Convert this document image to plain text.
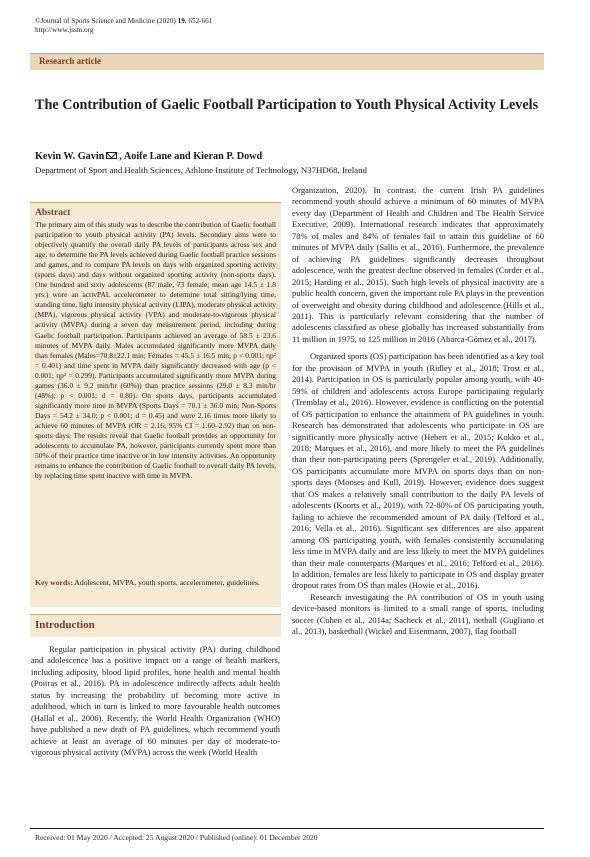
©Journal of Sports Science and Medicine (2020) 19, 652-661
http://www.jssm.org
Research article
The Contribution of Gaelic Football Participation to Youth Physical Activity Levels
Kevin W. Gavin , Aoife Lane and Kieran P. Dowd
Department of Sport and Health Sciences, Athlone Institute of Technology, N37HD68, Ireland
Abstract
The primary aim of this study was to describe the contribution of Gaelic football participation to youth physical activity (PA) levels. Secondary aims were to objectively quantify the overall daily PA levels of participants across sex and age, to determine the PA levels achieved during Gaelic football practice sessions and games, and to compare PA levels on days with organized sporting activity (sports days) and days without organized sporting activity (non-sports days). One hundred and sixty adolescents (87 male, 73 female; mean age 14.5 ± 1.8 yrs.) wore an activPAL accelerometer to determine total sitting/lying time, standing time, light intensity physical activity (LIPA), moderate physical activity (MPA), vigorous physical activity (VPA) and moderate-to-vigorous physical activity (MVPA) during a seven day measurement period, including during Gaelic football participation. Participants achieved an average of 58.5 ± 23.6 minutes of MVPA daily. Males accumulated significantly more MVPA daily than females (Males=70.8±22.1 min; Females = 45.5 ± 16.5 min; p < 0.001; ηp² = 0.401) and time spent in MVPA daily significantly decreased with age (p < 0.001; ηp² = 0.299). Participants accumulated significantly more MVPA during games (36.0 ± 9.2 min/hr (60%)) than practice sessions (29.0 ± 8.3 min/hr (48%); p < 0.001; d = 0.80). On sports days, participants accumulated significantly more time in MVPA (Sports Days = 70.1 ± 36.0 min; Non-Sports Days = 54.2 ± 34.0; p < 0.001; d = 0.45) and were 2.16 times more likely to achieve 60 minutes of MVPA (OR = 2.16; 95% CI = 1.60–2.92) than on non-sports days. The results reveal that Gaelic football provides an opportunity for adolescents to accumulate PA, however, participants currently spent more than 50% of their practice time inactive or in low intensity activities. An opportunity remains to enhance the contribution of Gaelic football to overall daily PA levels, by replacing time spent inactive with time in MVPA.
Key words: Adolescent, MVPA, youth sports, accelerometer, guidelines.
Introduction

Regular participation in physical activity (PA) during childhood and adolescence has a positive impact on a range of health markers, including adiposity, blood lipid profiles, bone health and mental health (Poitras et al., 2016). PA in adolescence indirectly affects adult health status by increasing the probability of becoming more active in adulthood, which in turn is linked to more favourable health outcomes (Hallal et al., 2006). Recently, the World Health Organization (WHO) have published a new draft of PA guidelines, which recommend youth achieve at least an average of 60 minutes per day of moderate-to-vigorous physical activity (MVPA) across the week (World Health

Organization, 2020). In contrast, the current Irish PA guidelines recommend youth should achieve a minimum of 60 minutes of MVPA every day (Department of Health and Children and The Health Service Executive, 2009). International research indicates that approximately 78% of males and 84% of females fail to attain this guideline of 60 minutes of MVPA daily (Sallis et al., 2016). Furthermore, the prevalence of achieving PA guidelines significantly decreases throughout adolescence, with the greatest decline observed in females (Corder et al., 2015; Harding et al., 2015). Such high levels of physical inactivity are a public health concern, given the important role PA plays in the prevention of overweight and obesity during childhood and adolescence (Hills et al., 2011). This is particularly relevant considering that the number of adolescents classified as obese globally has increased substantially from 11 million in 1975, to 125 million in 2016 (Abarca-Gómez et al., 2017).

Organized sports (OS) participation has been identified as a key tool for the provision of MVPA in youth (Ridley et al., 2018; Trost et al., 2014). Participation in OS is particularly popular among youth, with 40-59% of children and adolescents across Europe participating regularly (Tremblay et al., 2016). However, evidence is conflicting on the potential of OS participation to enhance the attainment of PA guidelines in youth. Research has demonstrated that adolescents who participate in OS are significantly more physically active (Hebert et al., 2015; Kokko et al., 2018; Marques et al., 2016), and more likely to meet the PA guidelines than their non-participating peers (Sprengeler et al., 2019). Additionally, OS participants accumulate more MVPA on sports days than on non-sports days (Mooses and Kull, 2019). However, evidence does suggest that OS makes a relatively small contribution to the daily PA levels of adolescents (Koorts et al., 2019), with 72-80% of OS participating youth, failing to achieve the recommended amount of PA daily (Telford et al., 2016; Vella et al., 2016). Significant sex differences are also apparent among OS participating youth, with females consistently accumulating less time in MVPA daily and are less likely to meet the MVPA guidelines than their male counterparts (Marques et al., 2016; Telford et al., 2016). In addition, females are less likely to participate in OS and display greater dropout rates from OS than males (Howie et al., 2016).

Research investigating the PA contribution of OS in youth using device-based monitors is limited to a small range of sports, including soccer (Cohen et al., 2014a; Sacheck et al., 2011), netball (Gugliano et al., 2013), basketball (Wickel and Eisenmann, 2007), flag football

Received: 01 May 2020 / Accepted: 25 August 2020 / Published (online): 01 December 2020
